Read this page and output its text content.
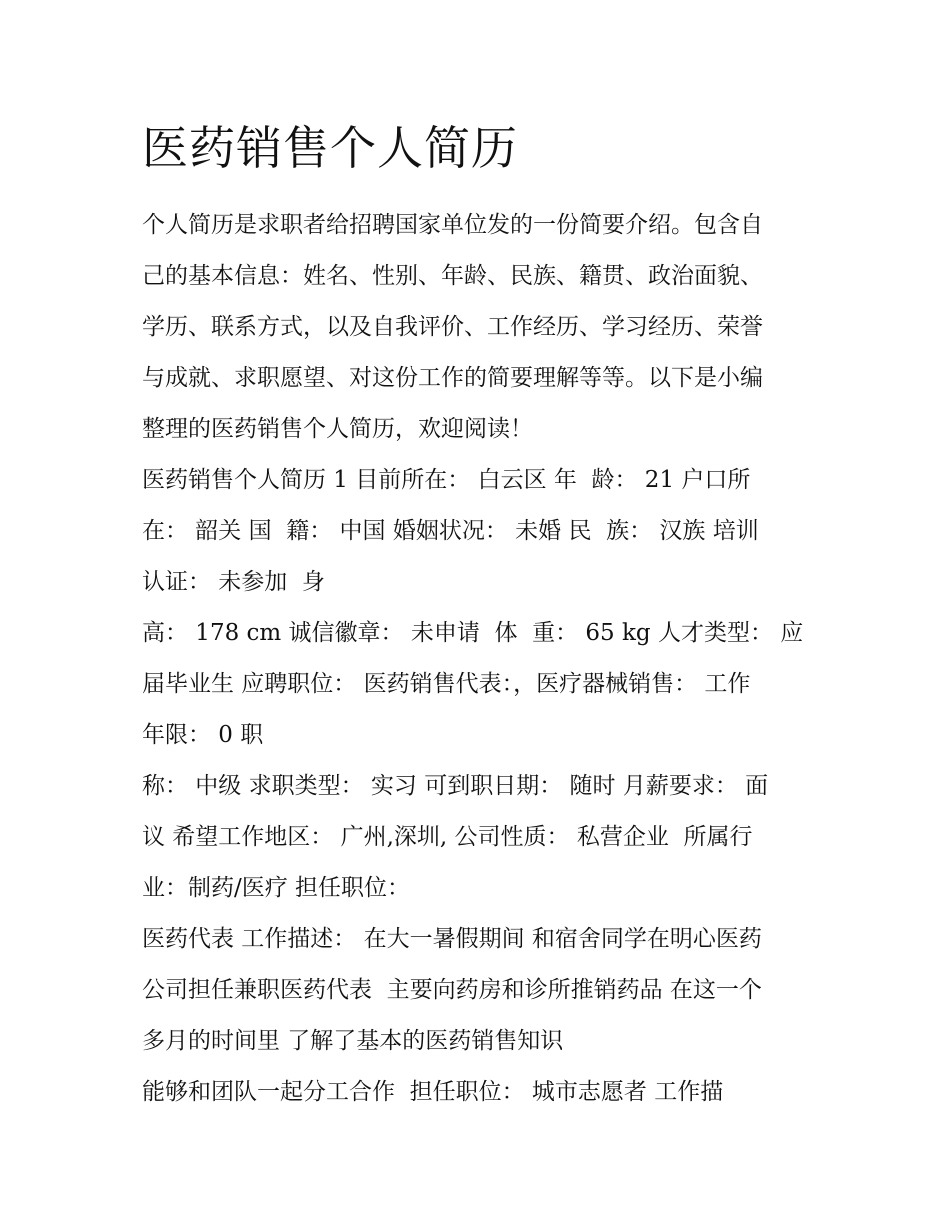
医药销售个人简历

个人简历是求职者给招聘国家单位发的一份简要介绍。包含自

己的基本信息：姓名、性别、年龄、民族、籍贯、政治面貌、

学历、联系方式，以及自我评价、工作经历、学习经历、荣誉

与成就、求职愿望、对这份工作的简要理解等等。以下是小编

整理的医药销售个人简历，欢迎阅读！

医药销售个人简历 1 目前所在： 白云区 年  龄： 21 户口所

在： 韶关 国  籍： 中国 婚姻状况： 未婚 民  族： 汉族 培训

认证： 未参加  身

高： 178 cm 诚信徽章： 未申请  体  重： 65 kg 人才类型： 应

届毕业生 应聘职位： 医药销售代表：，医疗器械销售： 工作

年限： 0 职

称： 中级 求职类型： 实习 可到职日期： 随时 月薪要求： 面

议 希望工作地区： 广州,深圳, 公司性质： 私营企业  所属行

业：制药/医疗 担任职位：

医药代表 工作描述： 在大一暑假期间 和宿舍同学在明心医药

公司担任兼职医药代表  主要向药房和诊所推销药品 在这一个

多月的时间里 了解了基本的医药销售知识

能够和团队一起分工合作  担任职位： 城市志愿者 工作描
